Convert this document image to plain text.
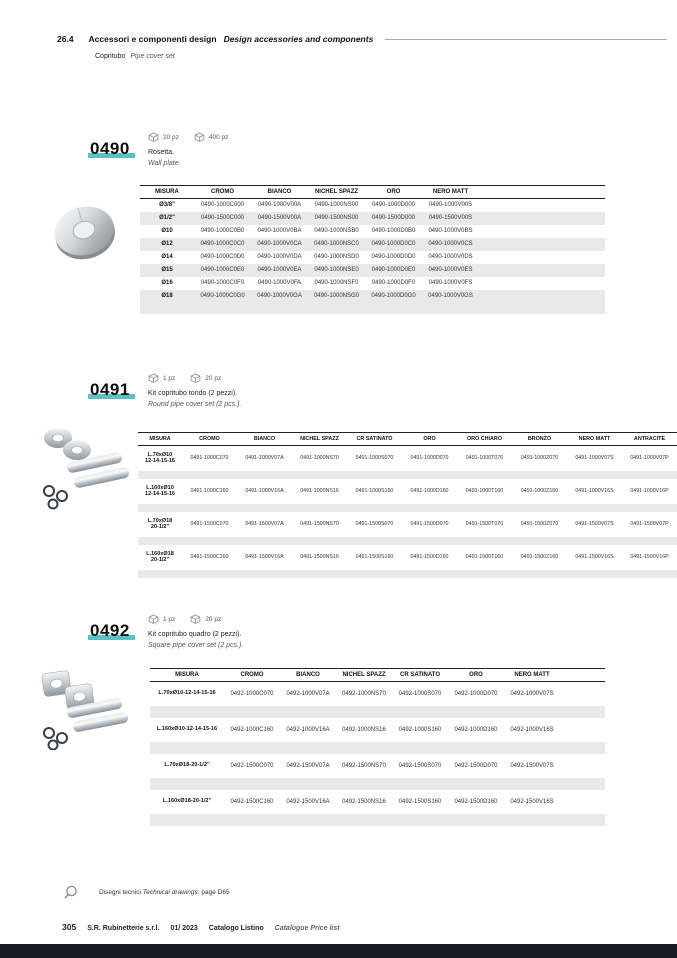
26.4 Accessori e componenti design Design accessories and components
Copritubo Pipe cover set
20 pz	400 pz
0490	Rosetta.
Wall plate.
MISURA	CROMO	BIANCO	NICHEL SPAZZ	ORO	NERO MATT	

Ø3/8"	0490-1000C000	0490-1000V00A	0490-1000NS00	0490-1000D000	0490-1000V00S	

Ø1/2"	0490-1500C000	0490-1500V00A	0490-1500NS00	0490-1500D000	0490-1500V00S	

Ø10	0490-1000C0B0	0490-1000V0BA	0490-1000NSB0	0490-1000D0B0	0490-1000V0BS	

Ø12	0490-1000C0C0	0490-1000V0CA	0490-1000NSC0	0490-1000D0C0	0490-1000V0CS	

Ø14	0490-1000C0D0	0490-1000V0DA	0490-1000NSD0	0490-1000D0D0	0490-1000V0DS	

Ø15	0490-1000C0E0	0490-1000V0EA	0490-1000NSE0	0490-1000D0E0	0490-1000V0ES	

Ø16	0490-1000C0F0	0490-1000V0FA	0490-1000NSF0	0490-1000D0F0	0490-1000V0FS	

Ø18	0490-1000C0G0	0490-1000V0GA	0490-1000NSG0	0490-1000D0G0	0490-1000V0GS	

1 pz	20 pz
0491	Kit copritubo tondo (2 pezzi).
Round pipe cover set (2 pcs.).
MISURA	CROMO	BIANCO	NICHEL SPAZZ	CR SATINATO	ORO	ORO CHIARO	BRONZO	NERO MATT	ANTRACITE

L.70xØ10
12-14-15-16	0491-1000C070	0491-1000V07A	0491-1000NS70	0491-1000S070	0491-1000D070	0491-1000T070	0491-1000Z070	0491-1000V07S	0491-1000V07P

L.160xØ10
12-14-15-16	0491-1000C160	0491-1000V16A	0491-1000NS16	0491-1000S160	0491-1000D160	0491-1000T160	0491-1000Z160	0491-1000V16S	0491-1000V16P

L.70xØ18
20-1/2"	0491-1500C070	0491-1500V07A	0491-1500NS70	0491-1500S070	0491-1500D070	0491-1500T070	0491-1500Z070	0491-1500V07S	0491-1500V07P

L.160xØ18
20-1/2"	0491-1500C160	0491-1500V16A	0491-1500NS16	0491-1500S160	0491-1500D160	0491-1500T160	0491-1500Z160	0491-1500V16S	0491-1500V16P

1 pz	20 pz
0492	Kit copritubo quadro (2 pezzi).
Square pipe cover set (2 pcs.).
MISURA	CROMO	BIANCO	NICHEL SPAZZ	CR SATINATO	ORO	NERO MATT	

L.70xØ10-12-14-15-16	0492-1000C070	0492-1000V07A	0492-1000NS70	0492-1000S070	0492-1000D070	0492-1000V07S	

L.160xØ10-12-14-15-16	0492-1000C160	0492-1000V16A	0492-1000NS16	0492-1000S160	0492-1000D160	0492-1000V16S	

L.70xØ18-20-1/2"	0492-1500C070	0492-1500V07A	0492-1500NS70	0492-1500S070	0492-1500D070	0492-1500V07S	

L.160xØ18-20-1/2"	0492-1500C160	0492-1500V16A	0492-1500NS16	0492-1500S160	0492-1500D160	0492-1500V16S	

Disegni tecnici Technical drawings: page D65
305 S.R. Rubinetterie s.r.l. 01/ 2023 Catalogo Listino Catalogue Price list
